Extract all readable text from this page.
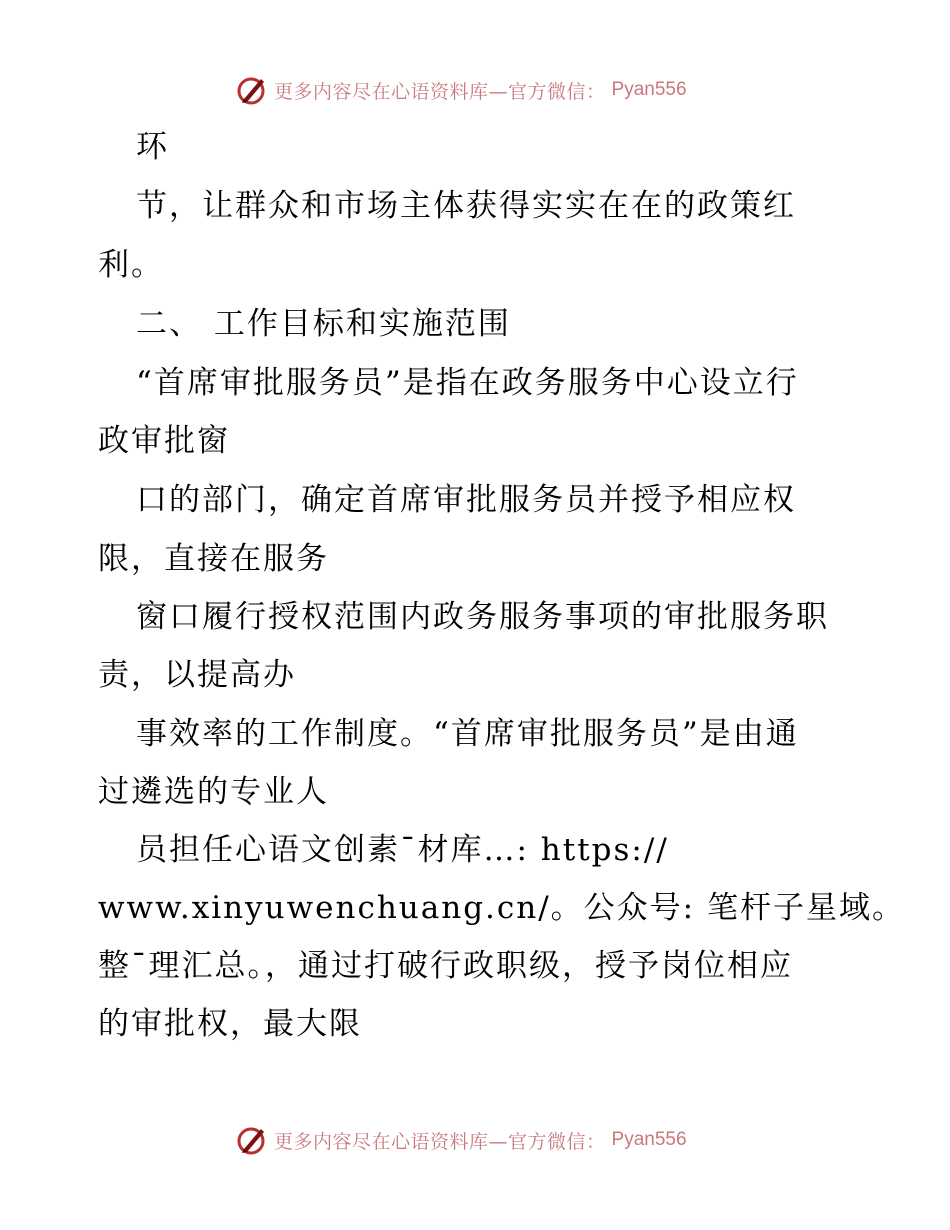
更多内容尽在心语资料库—官方微信： Pyan556
环
节，让群众和市场主体获得实实在在的政策红
利。
二、 工作目标和实施范围
“首席审批服务员”是指在政务服务中心设立行
政审批窗
口的部门，确定首席审批服务员并授予相应权
限，直接在服务
窗口履行授权范围内政务服务事项的审批服务职
责，以提高办
事效率的工作制度。“首席审批服务员”是由通
过遴选的专业人
员担任心语文创素¯材库…: https://
www.xinyuwenchuang.cn/。公众号: 笔杆子星域。
整¯理汇总。，通过打破行政职级，授予岗位相应
的审批权，最大限
更多内容尽在心语资料库—官方微信： Pyan556
